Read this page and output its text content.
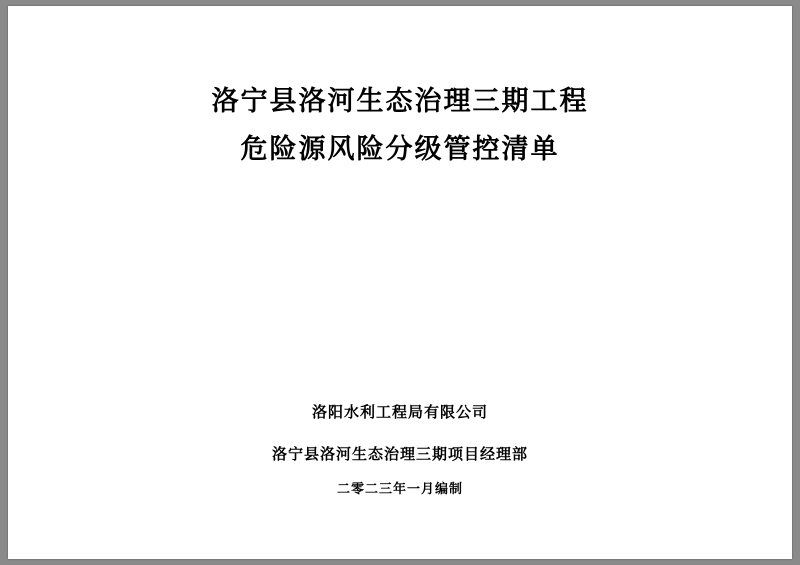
洛宁县洛河生态治理三期工程
危险源风险分级管控清单
洛阳水利工程局有限公司
洛宁县洛河生态治理三期项目经理部
二零二三年一月编制
